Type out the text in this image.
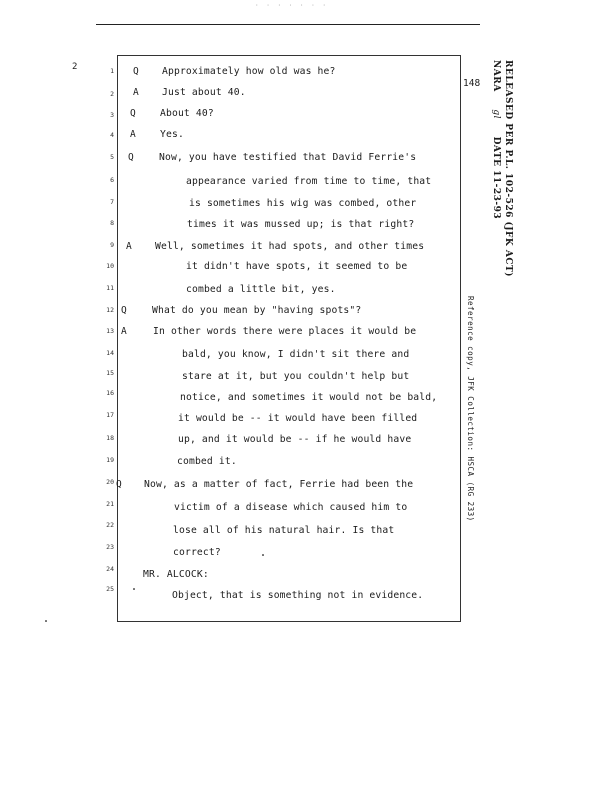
· · · · · · ·
2
148	RELEASED PER P.L. 102-526 (JFK ACT)
NARA gl DATE 11-23-93
Reference copy, JFK Collection: HSCA (RG 233)
1 Q Approximately how old was he?
2 A Just about 40.
3 Q	About 40?
4 A	Yes.
5 Q	Now, you have testified that David Ferrie's
6	appearance varied from time to time, that
7	is sometimes his wig was combed, other
8	times it was mussed up; is that right?
9 A Well, sometimes it had spots, and other times
10	it didn't have spots, it seemed to be
11	combed a little bit, yes.
12 Q	What do you mean by "having spots"?
13 A	In other words there were places it would be
14	bald, you know, I didn't sit there and
15	stare at it, but you couldn't help but
16	notice, and sometimes it would not be bald,
17	it would be -- it would have been filled
18	up, and it would be -- if he would have
19	combed it.
20 Q Now, as a matter of fact, Ferrie had been the
21	victim of a disease which caused him to
22	lose all of his natural hair. Is that
23	correct?
24	MR. ALCOCK:
25
Object, that is something not in evidence.
